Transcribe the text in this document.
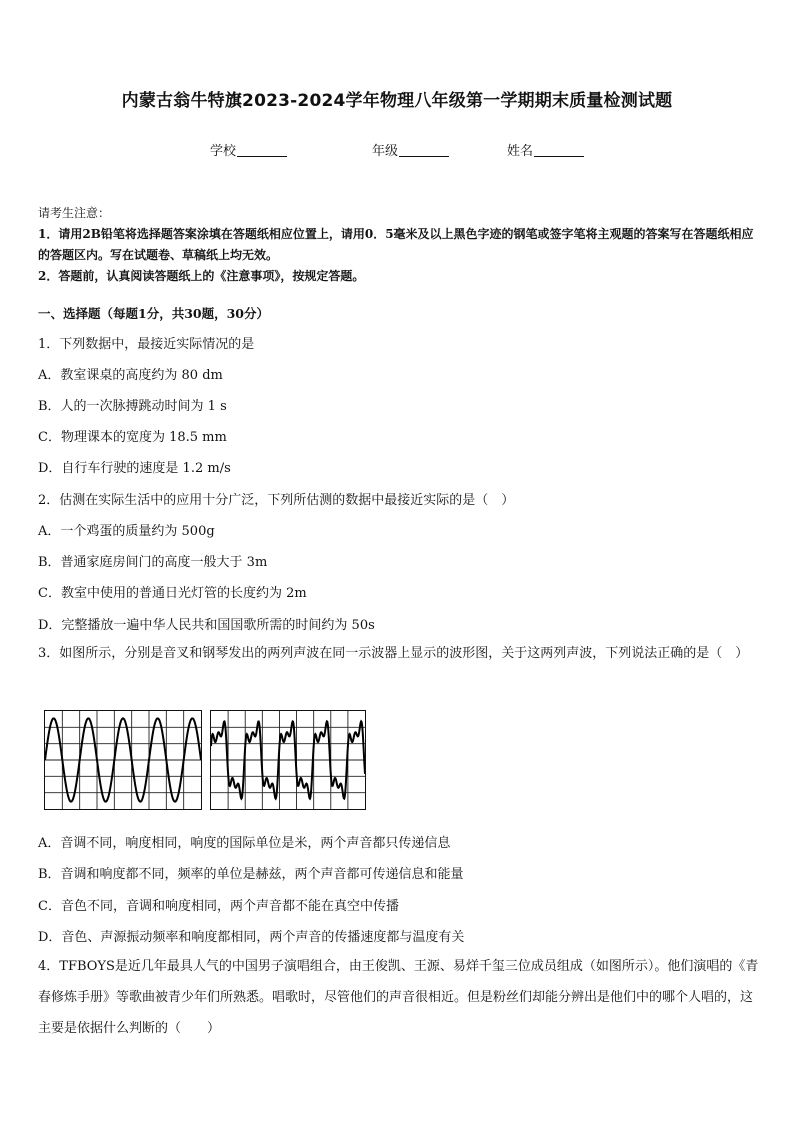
内蒙古翁牛特旗2023-2024学年物理八年级第一学期期末质量检测试题
学校	年级	姓名
请考生注意：
1．请用2B铅笔将选择题答案涂填在答题纸相应位置上，请用0．5毫米及以上黑色字迹的钢笔或签字笔将主观题的答案写在答题纸相应的答题区内。写在试题卷、草稿纸上均无效。
2．答题前，认真阅读答题纸上的《注意事项》，按规定答题。
一、选择题（每题1分，共30题，30分）
1．下列数据中，最接近实际情况的是
A．教室课桌的高度约为 80 dm
B．人的一次脉搏跳动时间为 1 s
C．物理课本的宽度为 18.5 mm
D．自行车行驶的速度是 1.2 m/s
2．估测在实际生活中的应用十分广泛，下列所估测的数据中最接近实际的是（　）
A．一个鸡蛋的质量约为 500g
B．普通家庭房间门的高度一般大于 3m
C．教室中使用的普通日光灯管的长度约为 2m
D．完整播放一遍中华人民共和国国歌所需的时间约为 50s
3．如图所示，分别是音叉和钢琴发出的两列声波在同一示波器上显示的波形图，关于这两列声波，下列说法正确的是（　）
A．音调不同，响度相同，响度的国际单位是米，两个声音都只传递信息
B．音调和响度都不同，频率的单位是赫兹，两个声音都可传递信息和能量
C．音色不同，音调和响度相同，两个声音都不能在真空中传播
D．音色、声源振动频率和响度都相同，两个声音的传播速度都与温度有关
4．TFBOYS是近几年最具人气的中国男子演唱组合，由王俊凯、王源、易烊千玺三位成员组成（如图所示）。他们演唱的《青春修炼手册》等歌曲被青少年们所熟悉。唱歌时，尽管他们的声音很相近。但是粉丝们却能分辨出是他们中的哪个人唱的，这主要是依据什么判断的（　　）
